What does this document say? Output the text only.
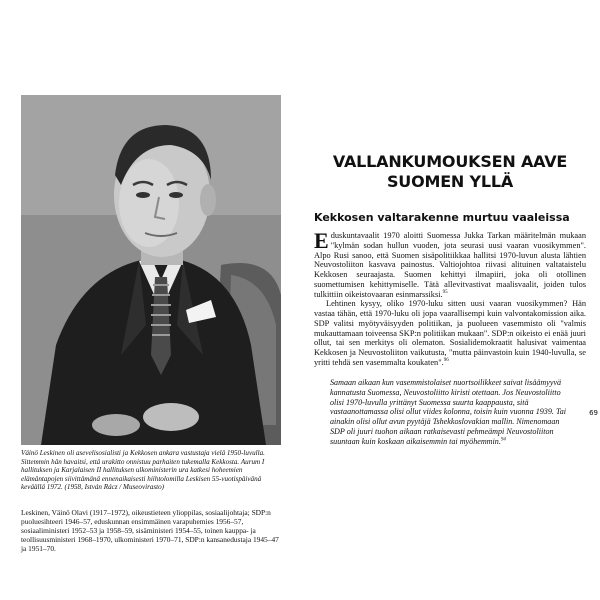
Väinö Leskinen oli asevelisosialisti ja Kekkosen ankara vastustaja vielä 1950-luvulla. Sittemmin hän havaitsi, että urakitto onnistuu parhaiten tukemalla Kekkosta. Aurum I hallituksen ja Karjalaisen II hallituksen ulkoministerin ura katkesi hoheemien elämäntapojen siivittämänä ennenaikaisesti hiihtolomilla Leskisen 55-vuotispäivänä keväällä 1972. (1958, István Rácz / Museovirasto)
Leskinen, Väinö Olavi (1917–1972), oikeustieteen ylioppilas, sosiaalijohtaja; SDP:n puoluesihteeri 1946–57, eduskunnan ensimmäinen varapuhemies 1956–57, sosiaaliministeri 1952–53 ja 1958–59, sisäministeri 1954–55, toinen kauppa- ja teollisuusministeri 1968–1970, ulkoministeri 1970–71, SDP:n kansanedustaja 1945–47 ja 1951–70.
VALLANKUMOUKSEN AAVE SUOMEN YLLÄ
Kekkosen valtarakenne murtuu vaaleissa

Eduskuntavaalit 1970 aloitti Suomessa Jukka Tarkan määritelmän mukaan "kylmän sodan hullun vuoden, jota seurasi uusi vaaran vuosikymmen". Alpo Rusi sanoo, että Suomen sisäpolitiikkaa hallitsi 1970-luvun alusta lähtien Neuvostoliiton kasvava painostus. Valtiojohtoa riivasi alituinen valtataistelu Kekkosen seuraajasta. Suomen kehittyi ilmapiiri, joka oli otollinen suomettumisen kehittymiselle. Tätä allevitvastivat maalisvaalit, joiden tulos tulkittiin oikeistovaaran esinmarssiksi.$^{95}$

Lehtinen kysyy, oliko 1970-luku sitten uusi vaaran vuosikymmen? Hän vastaa tähän, että 1970-luku oli jopa vaarallisempi kuin valvontakomission aika. SDP valitsi myötyväisyyden politiikan, ja puolueen vasemmisto oli "valmis mukauttamaan toiveensa SKP:n politiikan mukaan". SDP:n oikeisto ei enää juuri ollut, tai sen merkitys oli olematon. Sosialidemokraatit halusivat vaimentaa Kekkosen ja Neuvostoliiton vaikutusta, "mutta päinvastoin kuin 1940-luvulla, se yritti tehdä sen vasemmalta koukaten".$^{96}$

Samaan aikaan kun vasemmistolaiset nuortsoilikkeet saivat lisäämyyvä kannatusta Suomessa, Neuvostoliitto kiristi otettaan. Jos Neuvostoliitto olisi 1970-luvulla yrittänyt Suomessa suurta kaappausta, sitä vastaanottamassa olisi ollut viides kolonna, toisin kuin vuonna 1939. Tai ainakin olisi ollut avun pyytäjä Tshekkoslovakian mallin. Nimenomaan SDP oli juuri tuohon aikaan ratkaisevasti pehmeämpi Neuvostoliiton suuntaan kuin koskaan aikaisemmin tai myöhemmin.$^{94}$
69
